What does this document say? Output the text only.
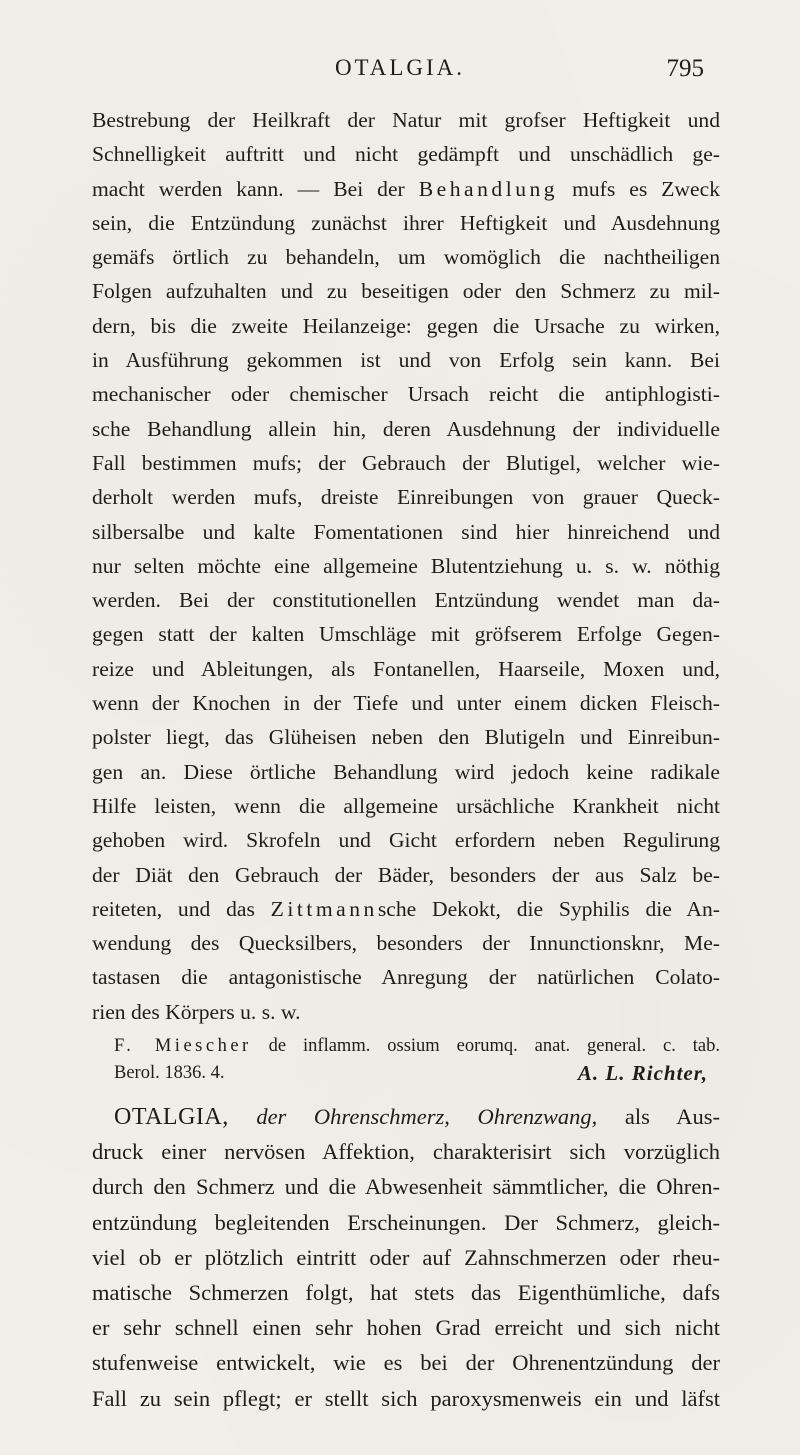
OTALGIA.	795
Bestrebung der Heilkraft der Natur mit grofser Heftigkeit und
Schnelligkeit auftritt und nicht gedämpft und unschädlich ge-
macht werden kann. — Bei der Behandlung mufs es Zweck
sein, die Entzündung zunächst ihrer Heftigkeit und Ausdehnung
gemäfs örtlich zu behandeln, um womöglich die nachtheiligen
Folgen aufzuhalten und zu beseitigen oder den Schmerz zu mil-
dern, bis die zweite Heilanzeige: gegen die Ursache zu wirken,
in Ausführung gekommen ist und von Erfolg sein kann. Bei
mechanischer oder chemischer Ursach reicht die antiphlogisti-
sche Behandlung allein hin, deren Ausdehnung der individuelle
Fall bestimmen mufs; der Gebrauch der Blutigel, welcher wie-
derholt werden mufs, dreiste Einreibungen von grauer Queck-
silbersalbe und kalte Fomentationen sind hier hinreichend und
nur selten möchte eine allgemeine Blutentziehung u. s. w. nöthig
werden. Bei der constitutionellen Entzündung wendet man da-
gegen statt der kalten Umschläge mit gröfserem Erfolge Gegen-
reize und Ableitungen, als Fontanellen, Haarseile, Moxen und,
wenn der Knochen in der Tiefe und unter einem dicken Fleisch-
polster liegt, das Glüheisen neben den Blutigeln und Einreibun-
gen an. Diese örtliche Behandlung wird jedoch keine radikale
Hilfe leisten, wenn die allgemeine ursächliche Krankheit nicht
gehoben wird. Skrofeln und Gicht erfordern neben Regulirung
der Diät den Gebrauch der Bäder, besonders der aus Salz be-
reiteten, und das Zittmannsche Dekokt, die Syphilis die An-
wendung des Quecksilbers, besonders der Innunctionsknr, Me-
tastasen die antagonistische Anregung der natürlichen Colato-
rien des Körpers u. s. w.
F. Miescher de inflamm. ossium eorumq. anat. general. c. tab.
Berol. 1836. 4.	A. L. Richter,
OTALGIA, der Ohrenschmerz, Ohrenzwang, als Aus-
druck einer nervösen Affektion, charakterisirt sich vorzüglich
durch den Schmerz und die Abwesenheit sämmtlicher, die Ohren-
entzündung begleitenden Erscheinungen. Der Schmerz, gleich-
viel ob er plötzlich eintritt oder auf Zahnschmerzen oder rheu-
matische Schmerzen folgt, hat stets das Eigenthümliche, dafs
er sehr schnell einen sehr hohen Grad erreicht und sich nicht
stufenweise entwickelt, wie es bei der Ohrenentzündung der
Fall zu sein pflegt; er stellt sich paroxysmenweis ein und läfst
